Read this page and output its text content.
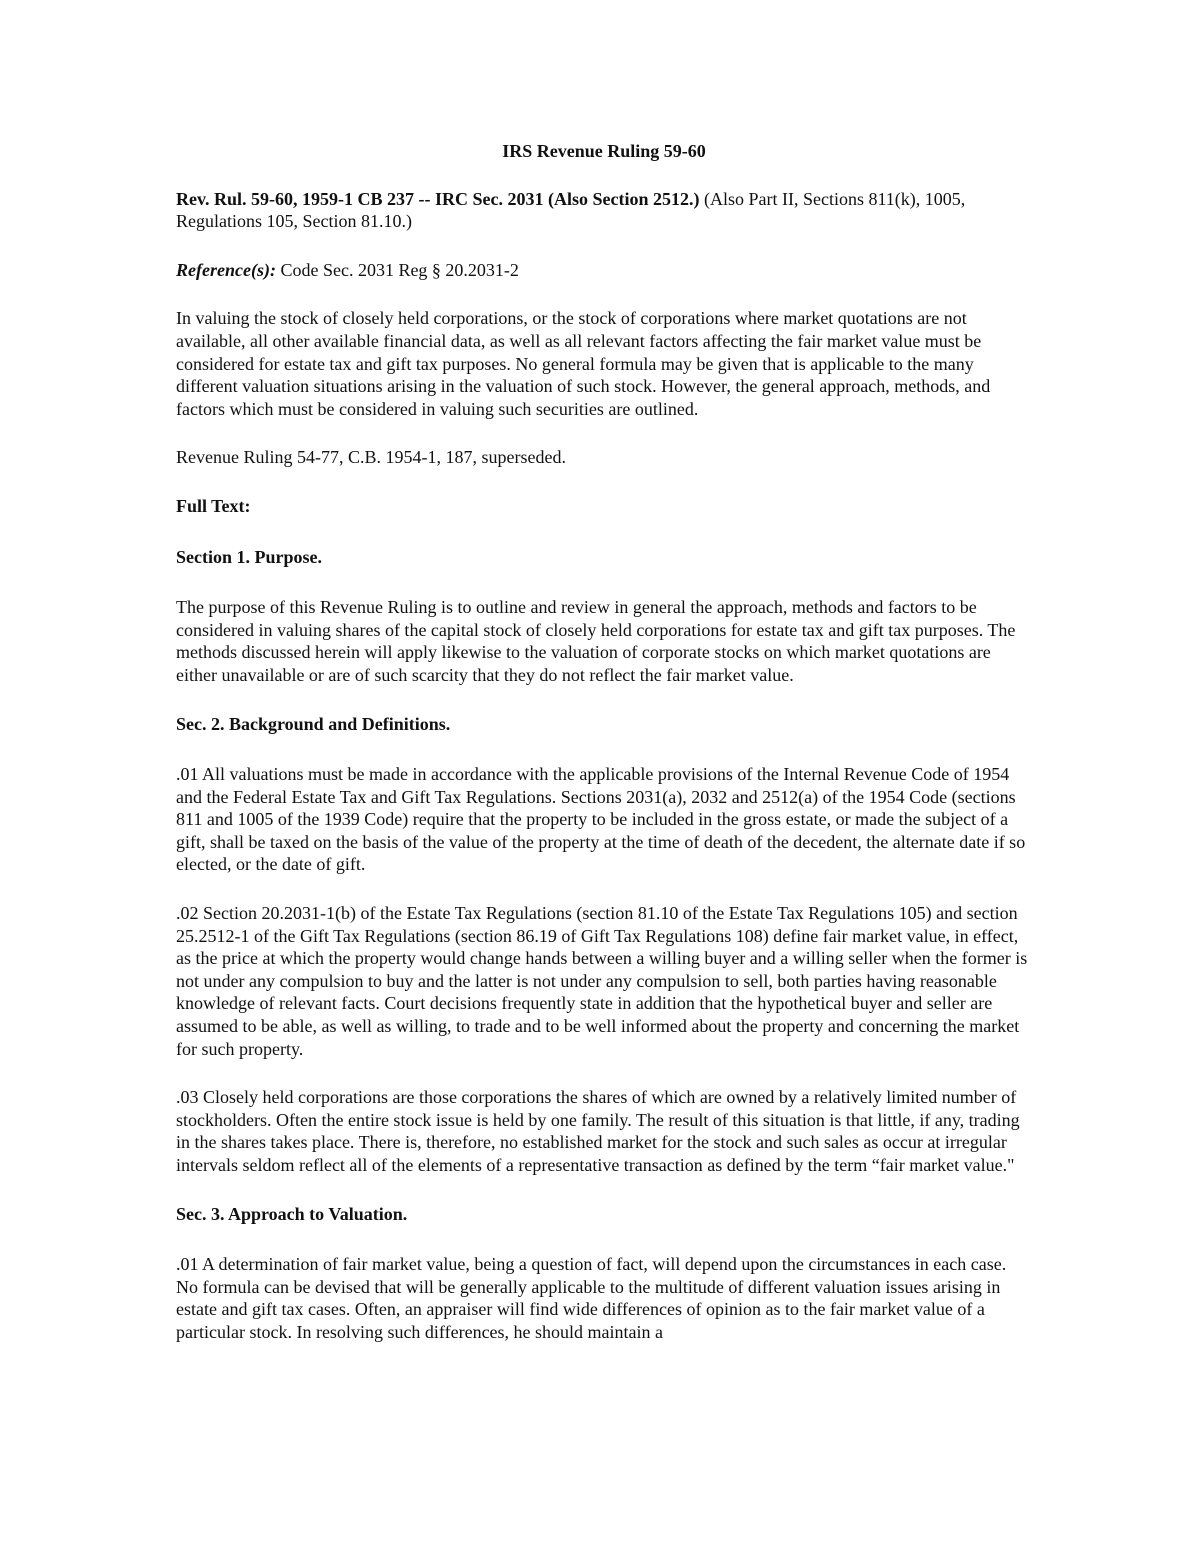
IRS Revenue Ruling 59-60

Rev. Rul. 59-60, 1959-1 CB 237 -- IRC Sec. 2031 (Also Section 2512.) (Also Part II, Sections 811(k), 1005, Regulations 105, Section 81.10.)

Reference(s): Code Sec. 2031 Reg § 20.2031-2

In valuing the stock of closely held corporations, or the stock of corporations where market quotations are not available, all other available financial data, as well as all relevant factors affecting the fair market value must be considered for estate tax and gift tax purposes. No general formula may be given that is applicable to the many different valuation situations arising in the valuation of such stock. However, the general approach, methods, and factors which must be considered in valuing such securities are outlined.

Revenue Ruling 54-77, C.B. 1954-1, 187, superseded.

Full Text:
Section 1. Purpose.

The purpose of this Revenue Ruling is to outline and review in general the approach, methods and factors to be considered in valuing shares of the capital stock of closely held corporations for estate tax and gift tax purposes. The methods discussed herein will apply likewise to the valuation of corporate stocks on which market quotations are either unavailable or are of such scarcity that they do not reflect the fair market value.

Sec. 2. Background and Definitions.

.01 All valuations must be made in accordance with the applicable provisions of the Internal Revenue Code of 1954 and the Federal Estate Tax and Gift Tax Regulations. Sections 2031(a), 2032 and 2512(a) of the 1954 Code (sections 811 and 1005 of the 1939 Code) require that the property to be included in the gross estate, or made the subject of a gift, shall be taxed on the basis of the value of the property at the time of death of the decedent, the alternate date if so elected, or the date of gift.

.02 Section 20.2031-1(b) of the Estate Tax Regulations (section 81.10 of the Estate Tax Regulations 105) and section 25.2512-1 of the Gift Tax Regulations (section 86.19 of Gift Tax Regulations 108) define fair market value, in effect, as the price at which the property would change hands between a willing buyer and a willing seller when the former is not under any compulsion to buy and the latter is not under any compulsion to sell, both parties having reasonable knowledge of relevant facts. Court decisions frequently state in addition that the hypothetical buyer and seller are assumed to be able, as well as willing, to trade and to be well informed about the property and concerning the market for such property.

.03 Closely held corporations are those corporations the shares of which are owned by a relatively limited number of stockholders. Often the entire stock issue is held by one family. The result of this situation is that little, if any, trading in the shares takes place. There is, therefore, no established market for the stock and such sales as occur at irregular intervals seldom reflect all of the elements of a representative transaction as defined by the term “fair market value."

Sec. 3. Approach to Valuation.

.01 A determination of fair market value, being a question of fact, will depend upon the circumstances in each case. No formula can be devised that will be generally applicable to the multitude of different valuation issues arising in estate and gift tax cases. Often, an appraiser will find wide differences of opinion as to the fair market value of a particular stock. In resolving such differences, he should maintain a
